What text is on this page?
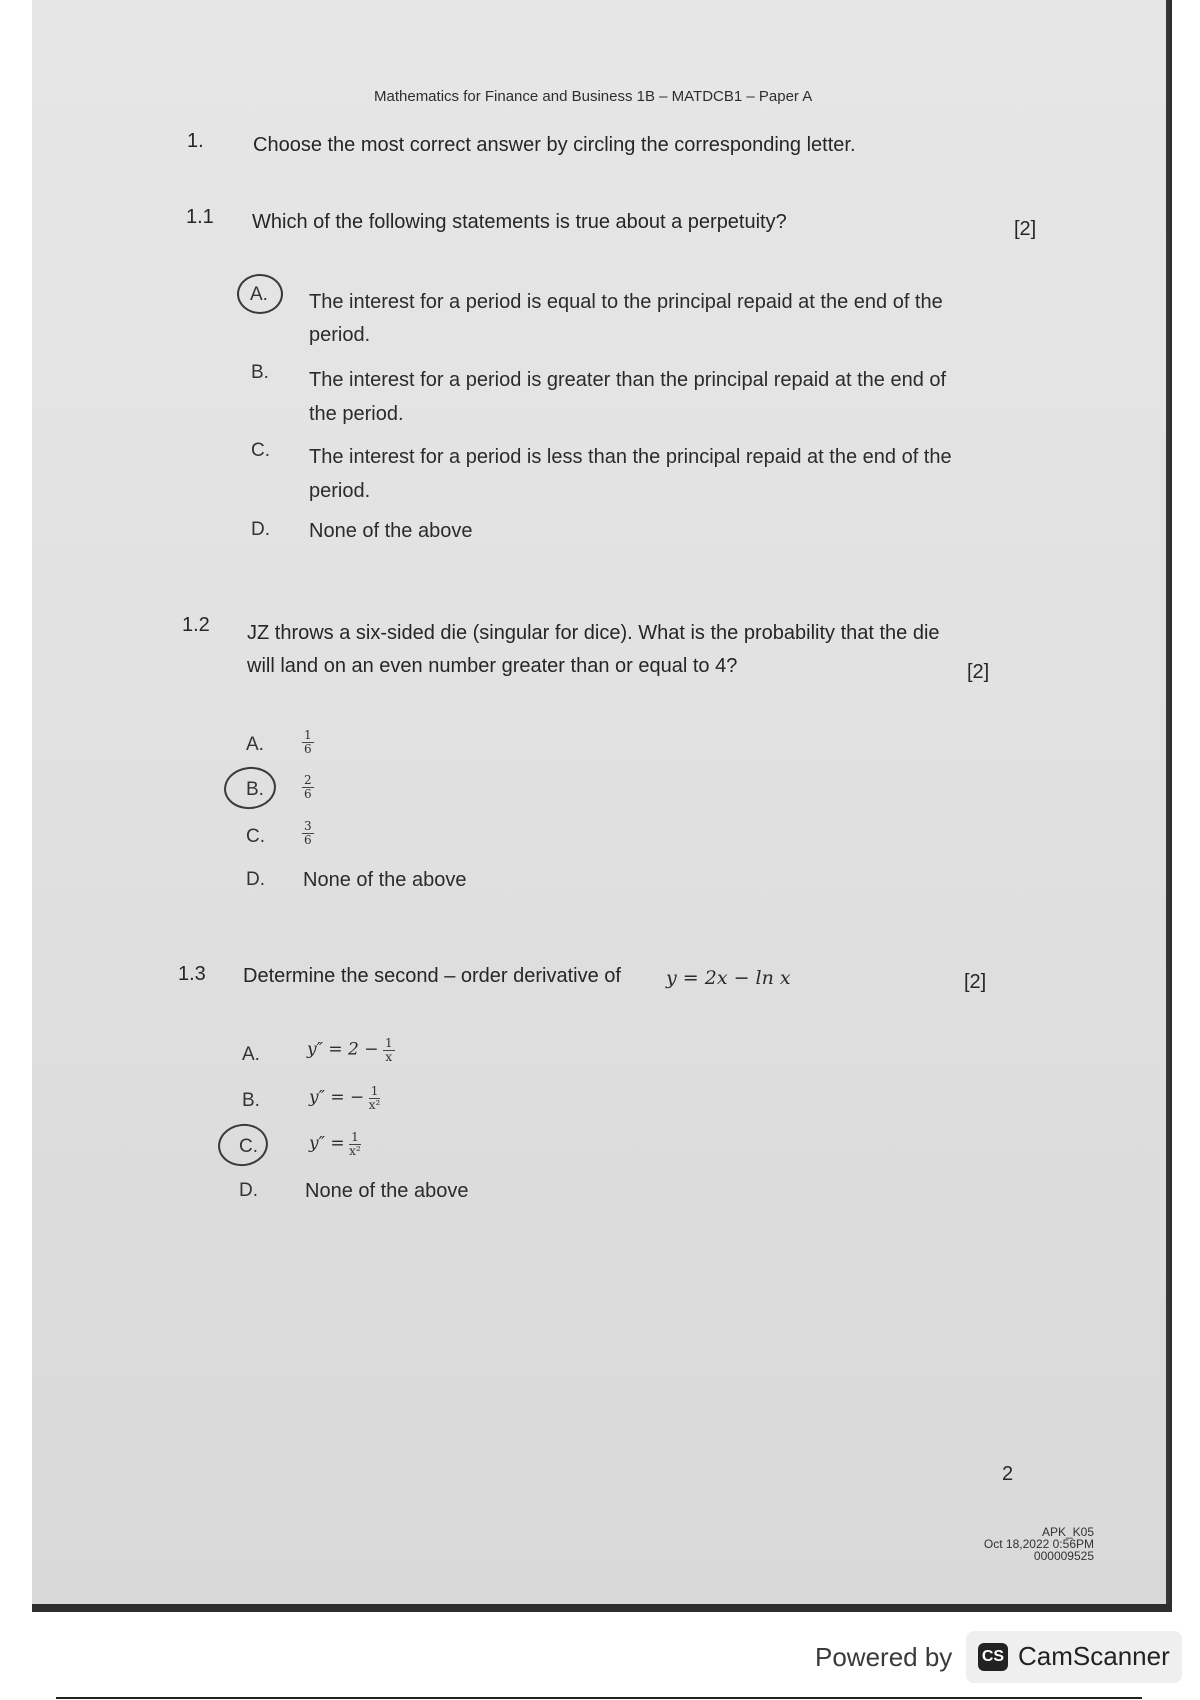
Mathematics for Finance and Business 1B – MATDCB1 – Paper A
1. Choose the most correct answer by circling the corresponding letter.
1.1 Which of the following statements is true about a perpetuity?	[2]
A. The interest for a period is equal to the principal repaid at the end of the
period.
B. The interest for a period is greater than the principal repaid at the end of
the period.
C. The interest for a period is less than the principal repaid at the end of the
period.
D. None of the above
1.2 JZ throws a six-sided die (singular for dice). What is the probability that the die
will land on an even number greater than or equal to 4?	[2]
A.	$\frac{1}{6}$
B.	$\frac{2}{6}$
C.	$\frac{3}{6}$
D. None of the above
1.3 Determine the second – order derivative of y = 2x − ln x	[2]
A.	$y'' = 2 - \frac{1}{x}$
B.	y″ = − $\frac{1}{\text{x²}}$
C.	$y'' = \frac{1}{\text{x²}}$
D. None of the above
2
APK_K05
Oct 18,2022 0:56PM
000009525
Powered by CS CamScanner
